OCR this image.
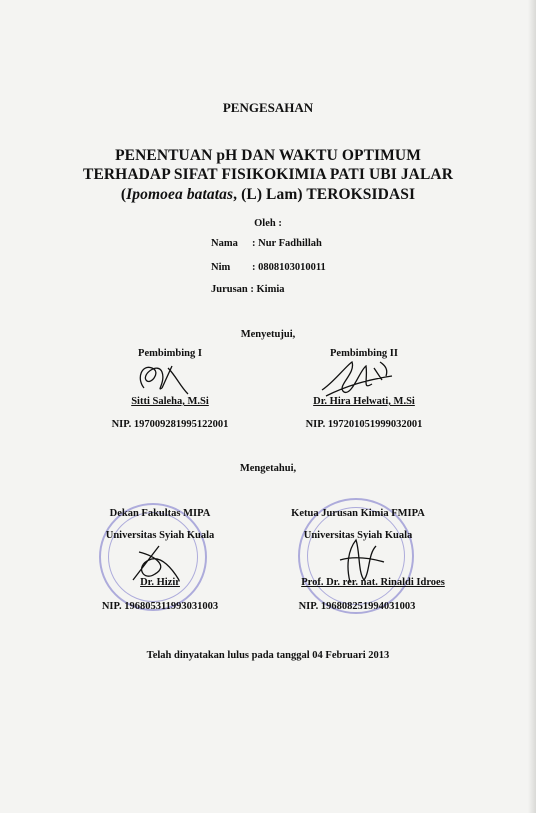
PENGESAHAN
PENENTUAN pH DAN WAKTU OPTIMUM
TERHADAP SIFAT FISIKOKIMIA PATI UBI JALAR
(Ipomoea batatas, (L) Lam) TEROKSIDASI
Oleh :
Nama : Nur Fadhillah
Nim : 0808103010011
Jurusan : Kimia
Menyetujui,
Pembimbing I
Sitti Saleha, M.Si
NIP. 197009281995122001
Pembimbing II
Dr. Hira Helwati, M.Si
NIP. 197201051999032001
Mengetahui,
Dekan Fakultas MIPA
Universitas Syiah Kuala
Dr. Hizir
NIP. 196805311993031003
Ketua Jurusan Kimia FMIPA
Universitas Syiah Kuala
Prof. Dr. rer. nat. Rinaldi Idroes
NIP. 196808251994031003
Telah dinyatakan lulus pada tanggal 04 Februari 2013
